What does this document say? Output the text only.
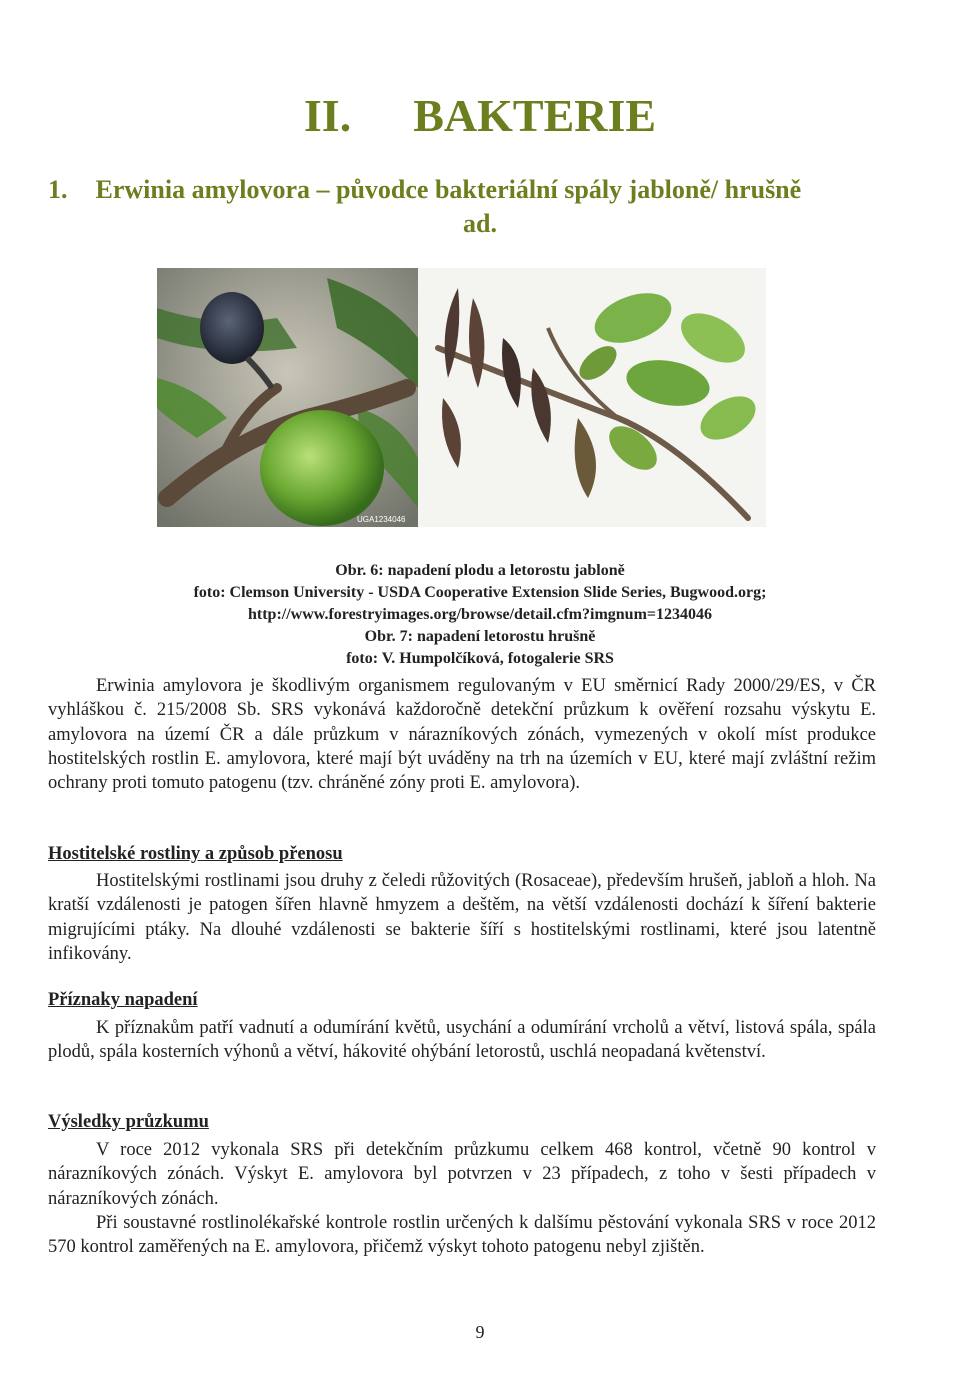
II. BAKTERIE
1. Erwinia amylovora – původce bakteriální spály jabloně/ hrušně
ad.
UGA1234046
Obr. 6: napadení plodu a letorostu jabloně
foto: Clemson University - USDA Cooperative Extension Slide Series, Bugwood.org;
http://www.forestryimages.org/browse/detail.cfm?imgnum=1234046
Obr. 7: napadení letorostu hrušně
foto: V. Humpolčíková, fotogalerie SRS

Erwinia amylovora je škodlivým organismem regulovaným v EU směrnicí Rady 2000/29/ES, v ČR vyhláškou č. 215/2008 Sb. SRS vykonává každoročně detekční průzkum k ověření rozsahu výskytu E. amylovora na území ČR a dále průzkum v nárazníkových zónách, vymezených v okolí míst produkce hostitelských rostlin E. amylovora, které mají být uváděny na trh na územích v EU, které mají zvláštní režim ochrany proti tomuto patogenu (tzv. chráněné zóny proti E. amylovora).

Hostitelské rostliny a způsob přenosu

Hostitelskými rostlinami jsou druhy z čeledi růžovitých (Rosaceae), především hrušeň, jabloň a hloh. Na kratší vzdálenosti je patogen šířen hlavně hmyzem a deštěm, na větší vzdálenosti dochází k šíření bakterie migrujícími ptáky. Na dlouhé vzdálenosti se bakterie šíří s hostitelskými rostlinami, které jsou latentně infikovány.

Příznaky napadení

K příznakům patří vadnutí a odumírání květů, usychání a odumírání vrcholů a větví, listová spála, spála plodů, spála kosterních výhonů a větví, hákovité ohýbání letorostů, uschlá neopadaná květenství.

Výsledky průzkumu

V roce 2012 vykonala SRS při detekčním průzkumu celkem 468 kontrol, včetně 90 kontrol v nárazníkových zónách. Výskyt E. amylovora byl potvrzen v 23 případech, z toho v šesti případech v nárazníkových zónách.

Při soustavné rostlinolékařské kontrole rostlin určených k dalšímu pěstování vykonala SRS v roce 2012 570 kontrol zaměřených na E. amylovora, přičemž výskyt tohoto patogenu nebyl zjištěn.

9
